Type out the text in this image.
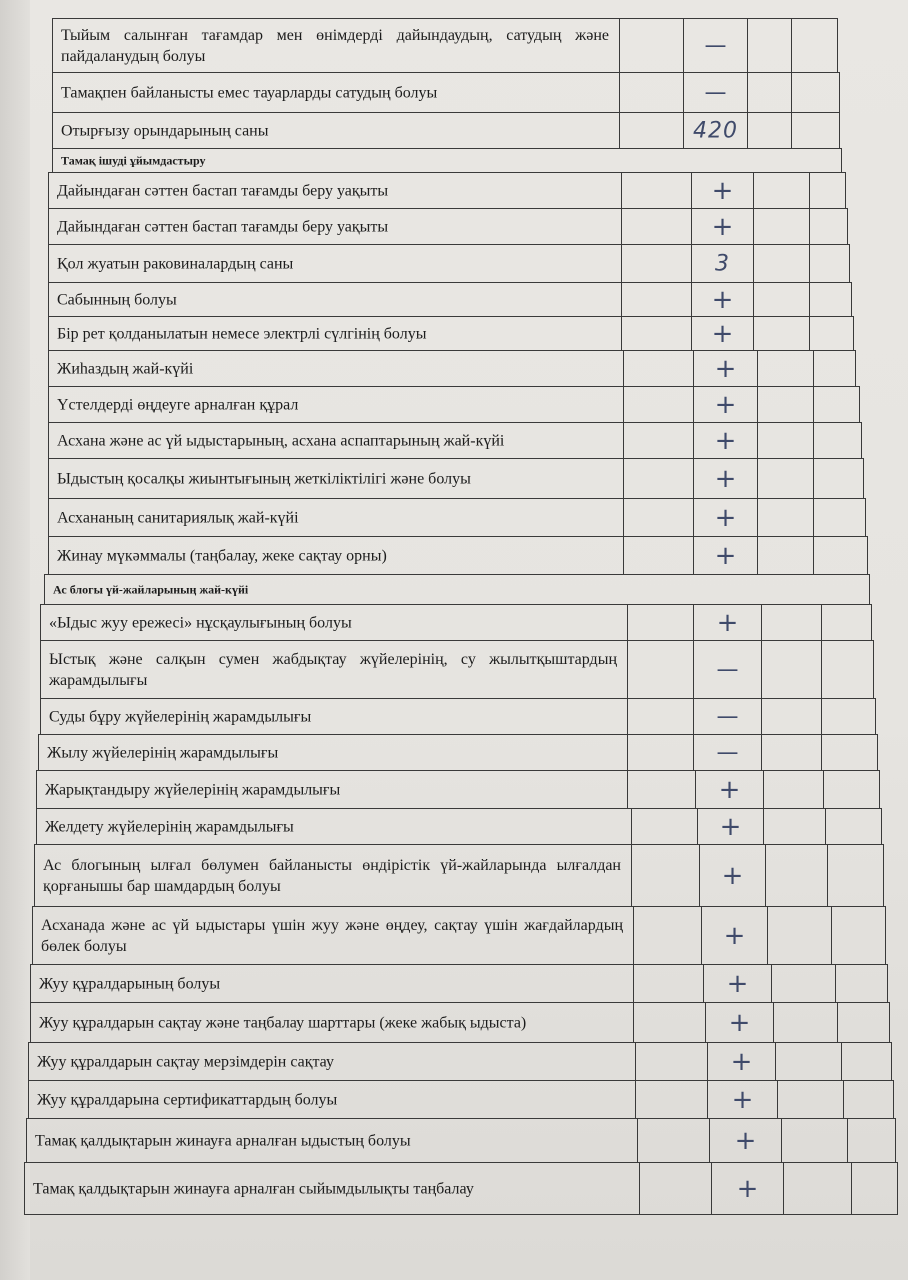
Тыйым салынған тағамдар мен өнімдерді дайындаудың, сатудың және пайдаланудың болуы	—
Тамақпен байланысты емес тауарларды сатудың болуы	—
Отырғызу орындарының саны	420
Тамақ ішуді ұйымдастыру
Дайындаған сәттен бастап тағамды беру уақыты	+
Дайындаған сәттен бастап тағамды беру уақыты	+
Қол жуатын раковиналардың саны	3
Сабынның болуы	+
Бір рет қолданылатын немесе электрлі сүлгінің болуы	+
Жиһаздың жай-күйі	+
Үстелдерді өңдеуге арналған құрал	+
Асхана және ас үй ыдыстарының, асхана аспаптарының жай-күйі	+
Ыдыстың қосалқы жиынтығының жеткіліктілігі және болуы	+
Асхананың санитариялық жай-күйі	+
Жинау мүкәммалы (таңбалау, жеке сақтау орны)	+
Ас блогы үй-жайларының жай-күйі
«Ыдыс жуу ережесі» нұсқаулығының болуы	+
Ыстық және салқын сумен жабдықтау жүйелерінің, су жылытқыштардың жарамдылығы	—
Суды бұру жүйелерінің жарамдылығы	—
Жылу жүйелерінің жарамдылығы	—
Жарықтандыру жүйелерінің жарамдылығы	+
Желдету жүйелерінің жарамдылығы	+
Ас блогының ылғал бөлумен байланысты өндірістік үй-жайларында ылғалдан қорғанышы бар шамдардың болуы	+
Асханада және ас үй ыдыстары үшін жуу және өңдеу, сақтау үшін жағдайлардың бөлек болуы	+
Жуу құралдарының болуы	+
Жуу құралдарын сақтау және таңбалау шарттары (жеке жабық ыдыста)	+
Жуу құралдарын сақтау мерзімдерін сақтау	+
Жуу құралдарына сертификаттардың болуы	+
Тамақ қалдықтарын жинауға арналған ыдыстың болуы	+
Тамақ қалдықтарын жинауға арналған сыйымдылықты таңбалау	+
